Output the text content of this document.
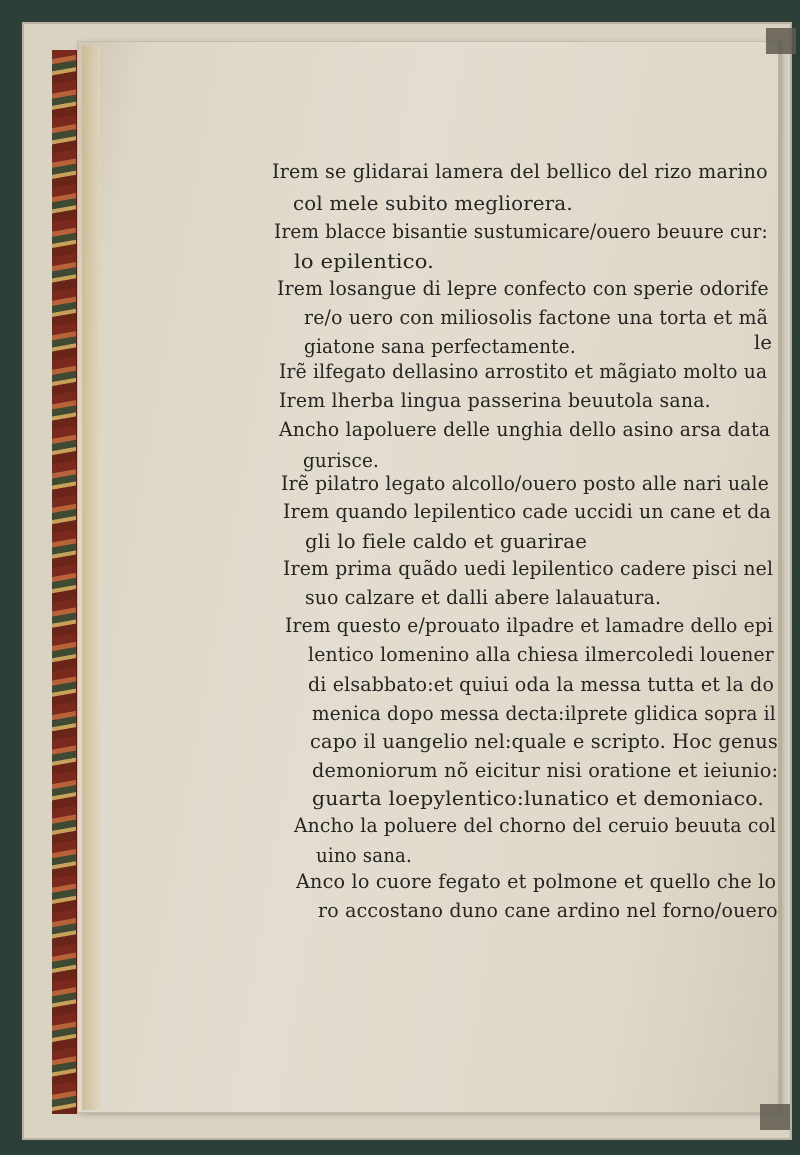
Irem se glidarai lamera del bellico del rizo marino
col mele subito megliorera.
Irem blacce bisantie sustumicare/ouero beuure cur:
lo epilentico.
Irem losangue di lepre confecto con sperie odorife
re/o uero con miliosolis factone una torta et mã
giatone sana perfectamente.	le
Irẽ ilfegato dellasino arrostito et mãgiato molto ua
Irem lherba lingua passerina beuutola sana.
Ancho lapoluere delle unghia dello asino arsa data
gurisce.
Irẽ pilatro legato alcollo/ouero posto alle nari uale
Irem quando lepilentico cade uccidi un cane et da
gli lo fiele caldo et guarirae
Irem prima quãdo uedi lepilentico cadere pisci nel
suo calzare et dalli abere lalauatura.
Irem questo e/prouato ilpadre et lamadre dello epi
lentico lomenino alla chiesa ilmercoledi louener
di elsabbato:et quiui oda la messa tutta et la do
menica dopo messa decta:ilprete glidica sopra il
capo il uangelio nel:quale e scripto. Hoc genus
demoniorum nõ eicitur nisi oratione et ieiunio:
guarta loepylentico:lunatico et demoniaco.
Ancho la poluere del chorno del ceruio beuuta col
uino sana.
Anco lo cuore fegato et polmone et quello che lo
ro accostano duno cane ardino nel forno/ouero
